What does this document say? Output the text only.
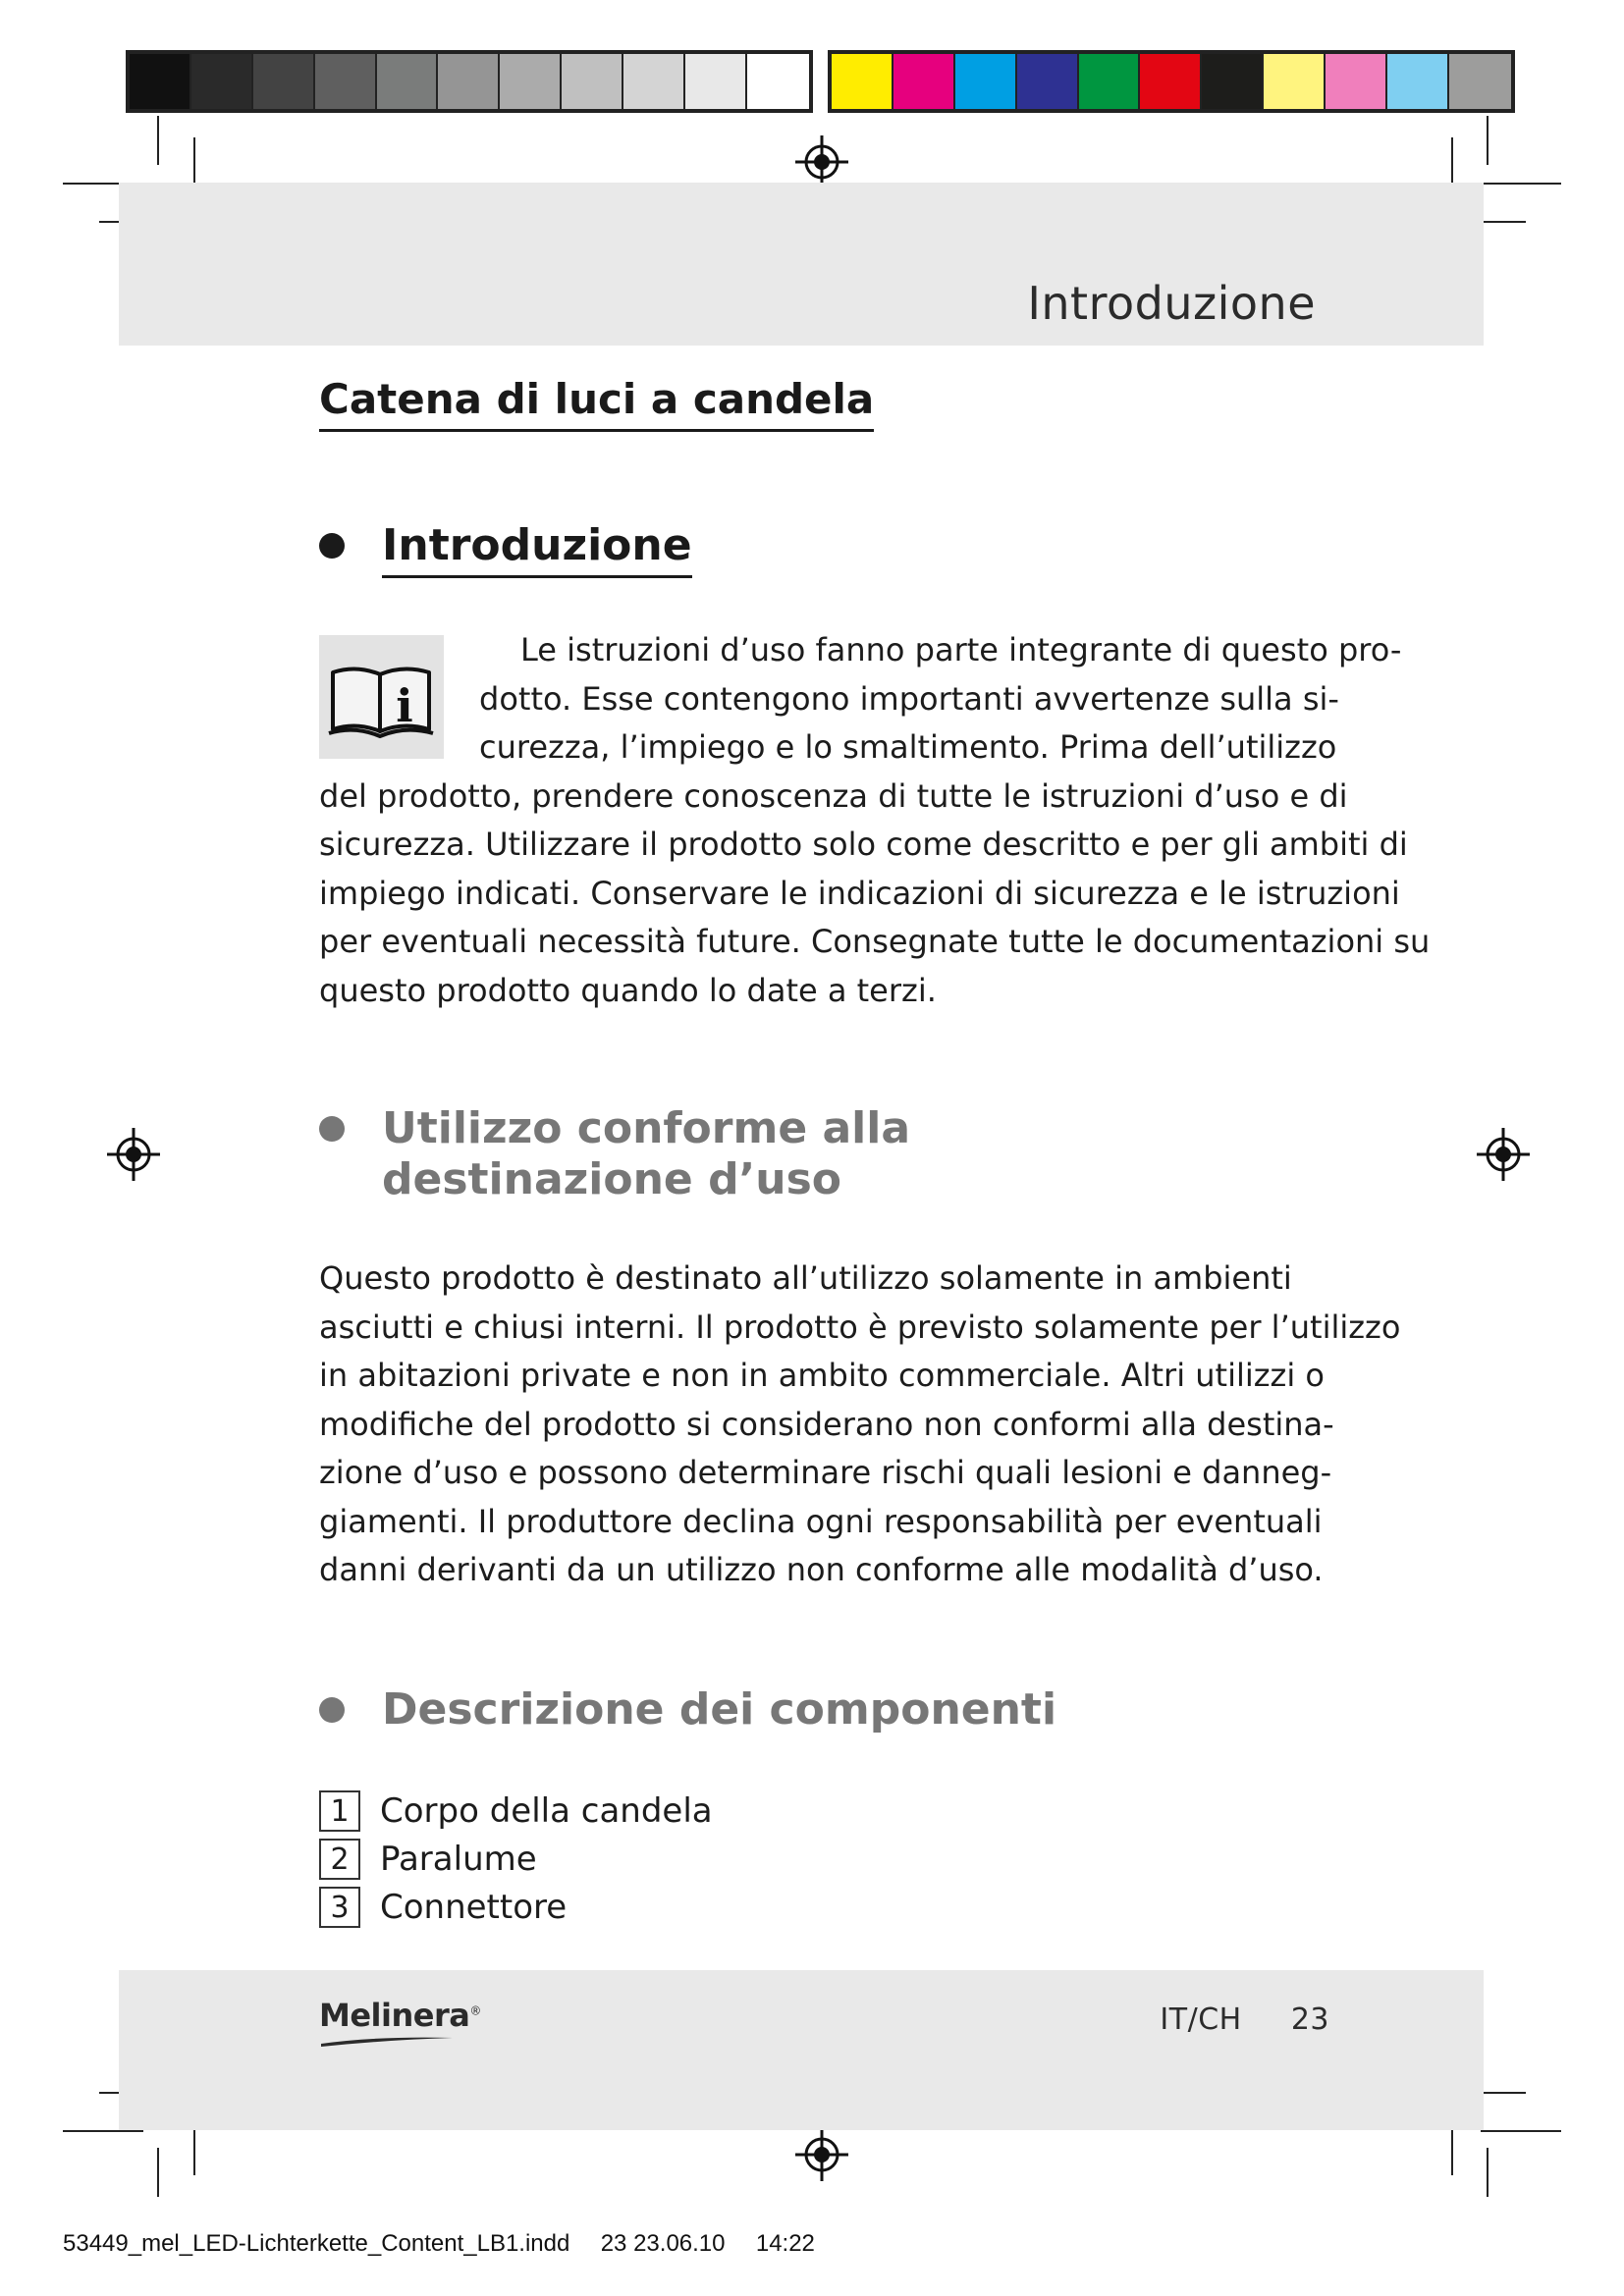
Introduzione
Catena di luci a candela
Introduzione
i
Le istruzioni d’uso fanno parte integrante di questo pro-
dotto. Esse contengono importanti avvertenze sulla si-
curezza, l’impiego e lo smaltimento. Prima dell’utilizzo
del prodotto, prendere conoscenza di tutte le istruzioni d’uso e di
sicurezza. Utilizzare il prodotto solo come descritto e per gli ambiti di
impiego indicati. Conservare le indicazioni di sicurezza e le istruzioni
per eventuali necessità future. Consegnate tutte le documentazioni su
questo prodotto quando lo date a terzi.
Utilizzo conforme alla
destinazione d’uso
Questo prodotto è destinato all’utilizzo solamente in ambienti
asciutti e chiusi interni. Il prodotto è previsto solamente per l’utilizzo
in abitazioni private e non in ambito commerciale. Altri utilizzi o
modifiche del prodotto si considerano non conformi alla destina-
zione d’uso e possono determinare rischi quali lesioni e danneg-
giamenti. Il produttore declina ogni responsabilità per eventuali
danni derivanti da un utilizzo non conforme alle modalità d’uso.
Descrizione dei componenti
1 Corpo della candela
2 Paralume
3 Connettore
Melinera®	IT/CH 23
53449_mel_LED-Lichterkette_Content_LB1.indd 23 23.06.10 14:22
